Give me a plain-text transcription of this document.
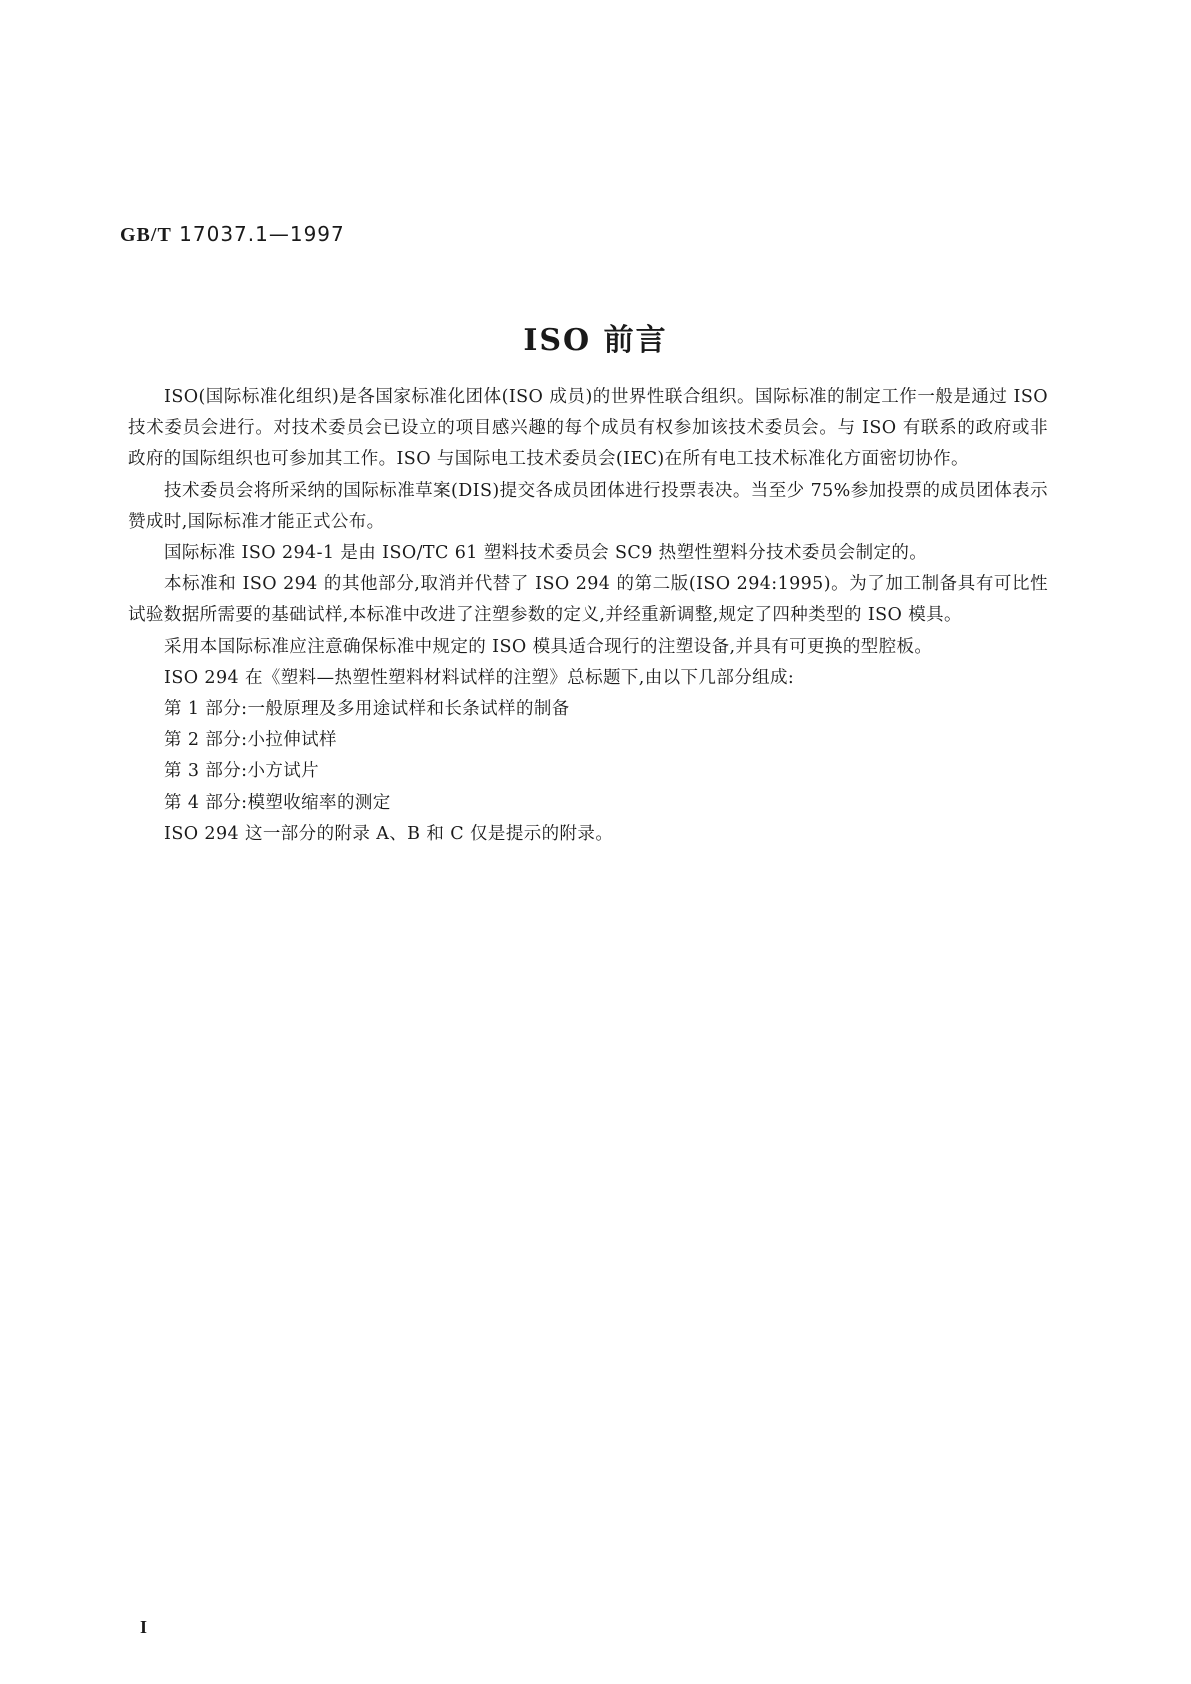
GB/T 17037.1—1997
ISO 前言

ISO(国际标准化组织)是各国家标准化团体(ISO 成员)的世界性联合组织。国际标准的制定工作一般是通过 ISO 技术委员会进行。对技术委员会已设立的项目感兴趣的每个成员有权参加该技术委员会。与 ISO 有联系的政府或非政府的国际组织也可参加其工作。ISO 与国际电工技术委员会(IEC)在所有电工技术标准化方面密切协作。

技术委员会将所采纳的国际标准草案(DIS)提交各成员团体进行投票表决。当至少 75%参加投票的成员团体表示赞成时,国际标准才能正式公布。

国际标准 ISO 294-1 是由 ISO/TC 61 塑料技术委员会 SC9 热塑性塑料分技术委员会制定的。

本标准和 ISO 294 的其他部分,取消并代替了 ISO 294 的第二版(ISO 294:1995)。为了加工制备具有可比性试验数据所需要的基础试样,本标准中改进了注塑参数的定义,并经重新调整,规定了四种类型的 ISO 模具。

采用本国际标准应注意确保标准中规定的 ISO 模具适合现行的注塑设备,并具有可更换的型腔板。

ISO 294 在《塑料—热塑性塑料材料试样的注塑》总标题下,由以下几部分组成:

第 1 部分:一般原理及多用途试样和长条试样的制备

第 2 部分:小拉伸试样

第 3 部分:小方试片

第 4 部分:模塑收缩率的测定

ISO 294 这一部分的附录 A、B 和 C 仅是提示的附录。

I
